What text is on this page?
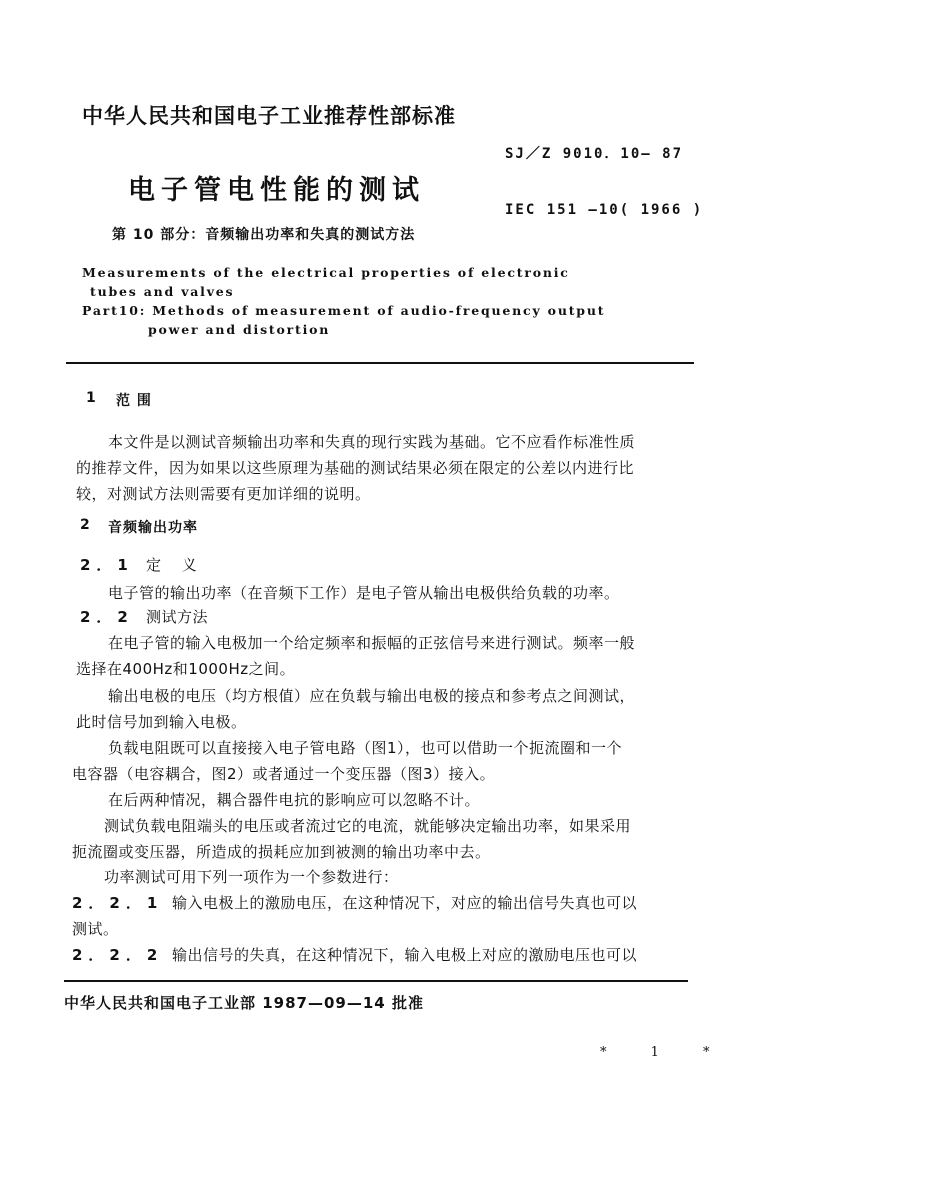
中华人民共和国电子工业推荐性部标准
SJ／Z 9010．10— 87
电子管电性能的测试
IEC 151 —10( 1966 )
第 10 部分：音频输出功率和失真的测试方法
Measurements of the electrical properties of electronic
tubes and valves
Part10: Methods of measurement of audio-frequency output
power and distortion
1 范 围
本文件是以测试音频输出功率和失真的现行实践为基础。它不应看作标准性质
的推荐文件，因为如果以这些原理为基础的测试结果必须在限定的公差以内进行比
较，对测试方法则需要有更加详细的说明。
2 音频输出功率
2．1 定 义
电子管的输出功率（在音频下工作）是电子管从输出电极供给负载的功率。
2．2 测试方法
在电子管的输入电极加一个给定频率和振幅的正弦信号来进行测试。频率一般
选择在400Hz和1000Hz之间。
输出电极的电压（均方根值）应在负载与输出电极的接点和参考点之间测试，
此时信号加到输入电极。
负载电阻既可以直接接入电子管电路（图1），也可以借助一个扼流圈和一个
电容器（电容耦合，图2）或者通过一个变压器（图3）接入。
在后两种情况，耦合器件电抗的影响应可以忽略不计。
测试负载电阻端头的电压或者流过它的电流，就能够决定输出功率，如果采用
扼流圈或变压器，所造成的损耗应加到被测的输出功率中去。
功率测试可用下列一项作为一个参数进行：
2．2．1 输入电极上的激励电压，在这种情况下，对应的输出信号失真也可以
测试。
2．2．2 输出信号的失真，在这种情况下，输入电极上对应的激励电压也可以
中华人民共和国电子工业部 1987—09—14 批准
* 1 *
